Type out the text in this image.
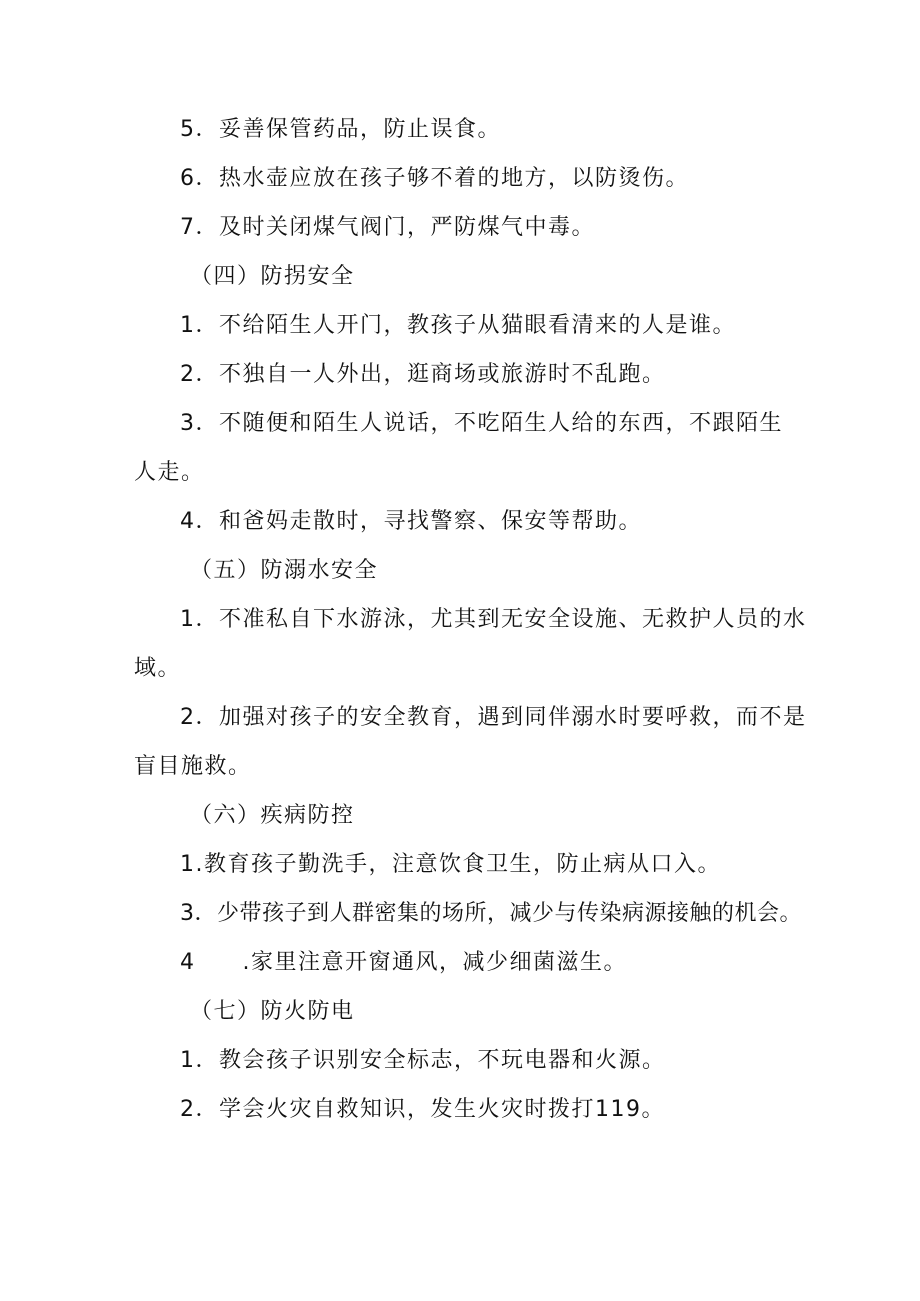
5．妥善保管药品，防止误食。
6．热水壶应放在孩子够不着的地方，以防烫伤。
7．及时关闭煤气阀门，严防煤气中毒。
（四）防拐安全
1．不给陌生人开门，教孩子从猫眼看清来的人是谁。
2．不独自一人外出，逛商场或旅游时不乱跑。
3．不随便和陌生人说话，不吃陌生人给的东西，不跟陌生
人走。
4．和爸妈走散时，寻找警察、保安等帮助。
（五）防溺水安全
1．不准私自下水游泳，尤其到无安全设施、无救护人员的水
域。
2．加强对孩子的安全教育，遇到同伴溺水时要呼救，而不是
盲目施救。
（六）疾病防控
1.教育孩子勤洗手，注意饮食卫生，防止病从口入。
3．少带孩子到人群密集的场所，减少与传染病源接触的机会。
4　　.家里注意开窗通风，减少细菌滋生。
（七）防火防电
1．教会孩子识别安全标志，不玩电器和火源。
2．学会火灾自救知识，发生火灾时拨打119。
